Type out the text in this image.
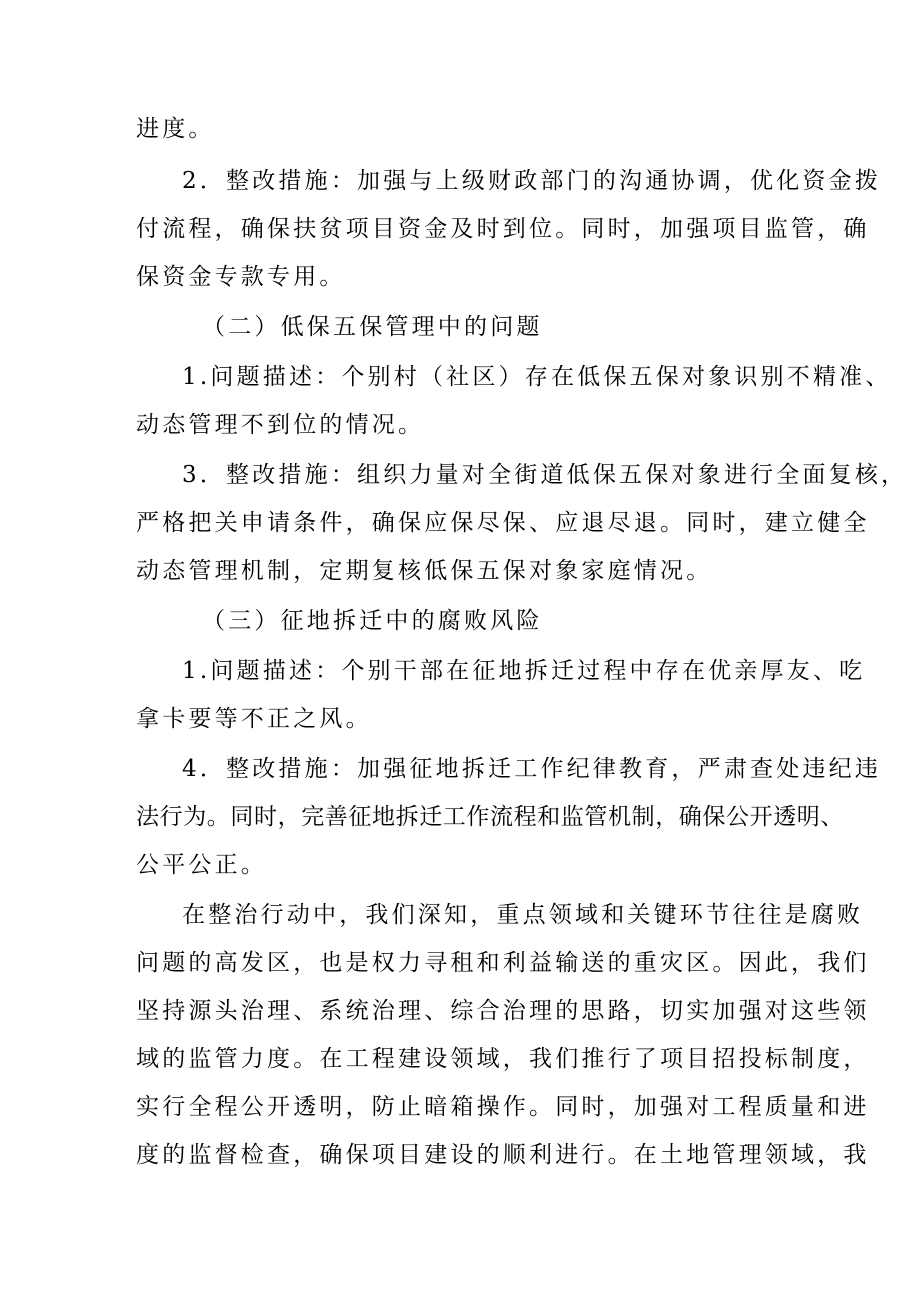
进度。
2．整改措施：加强与上级财政部门的沟通协调，优化资金拨
付流程，确保扶贫项目资金及时到位。同时，加强项目监管，确
保资金专款专用。
（二）低保五保管理中的问题
1.问题描述：个别村（社区）存在低保五保对象识别不精准、
动态管理不到位的情况。
3．整改措施：组织力量对全街道低保五保对象进行全面复核，
严格把关申请条件，确保应保尽保、应退尽退。同时，建立健全
动态管理机制，定期复核低保五保对象家庭情况。
（三）征地拆迁中的腐败风险
1.问题描述：个别干部在征地拆迁过程中存在优亲厚友、吃
拿卡要等不正之风。
4．整改措施：加强征地拆迁工作纪律教育，严肃查处违纪违
法行为。同时，完善征地拆迁工作流程和监管机制，确保公开透明、
公平公正。
在整治行动中，我们深知，重点领域和关键环节往往是腐败
问题的高发区，也是权力寻租和利益输送的重灾区。因此，我们
坚持源头治理、系统治理、综合治理的思路，切实加强对这些领
域的监管力度。在工程建设领域，我们推行了项目招投标制度，
实行全程公开透明，防止暗箱操作。同时，加强对工程质量和进
度的监督检查，确保项目建设的顺利进行。在土地管理领域，我
